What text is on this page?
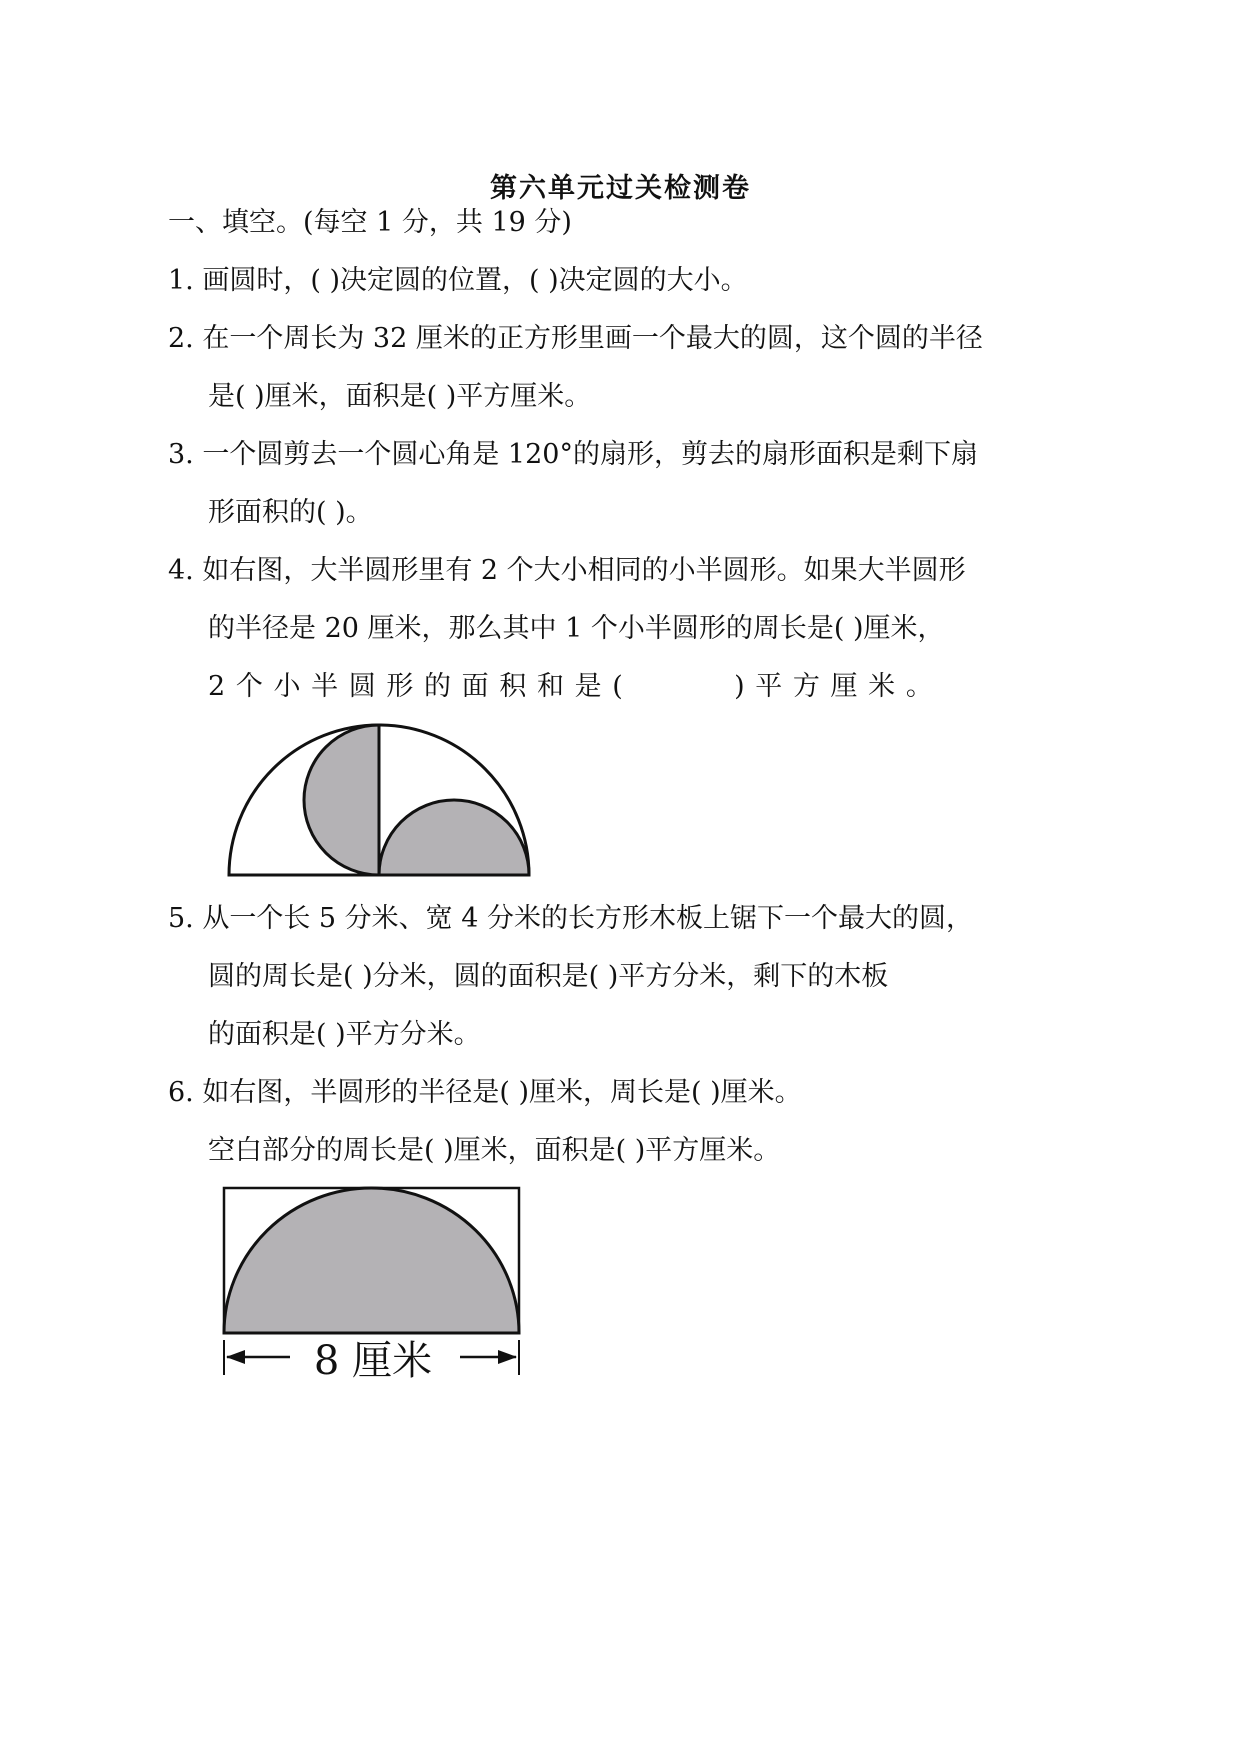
第六单元过关检测卷
一、填空。(每空 1 分，共 19 分)
1. 画圆时，( )决定圆的位置，( )决定圆的大小。
2. 在一个周长为 32 厘米的正方形里画一个最大的圆，这个圆的半径
是( )厘米，面积是( )平方厘米。
3. 一个圆剪去一个圆心角是 120°的扇形，剪去的扇形面积是剩下扇
形面积的( )。
4. 如右图，大半圆形里有 2 个大小相同的小半圆形。如果大半圆形
的半径是 20 厘米，那么其中 1 个小半圆形的周长是( )厘米，
2 个 小 半 圆 形 的 面 积 和 是 (	) 平 方 厘 米 。
5. 从一个长 5 分米、宽 4 分米的长方形木板上锯下一个最大的圆，
圆的周长是( )分米，圆的面积是( )平方分米，剩下的木板
的面积是( )平方分米。
6. 如右图，半圆形的半径是( )厘米，周长是( )厘米。
空白部分的周长是( )厘米，面积是( )平方厘米。
8 厘米
